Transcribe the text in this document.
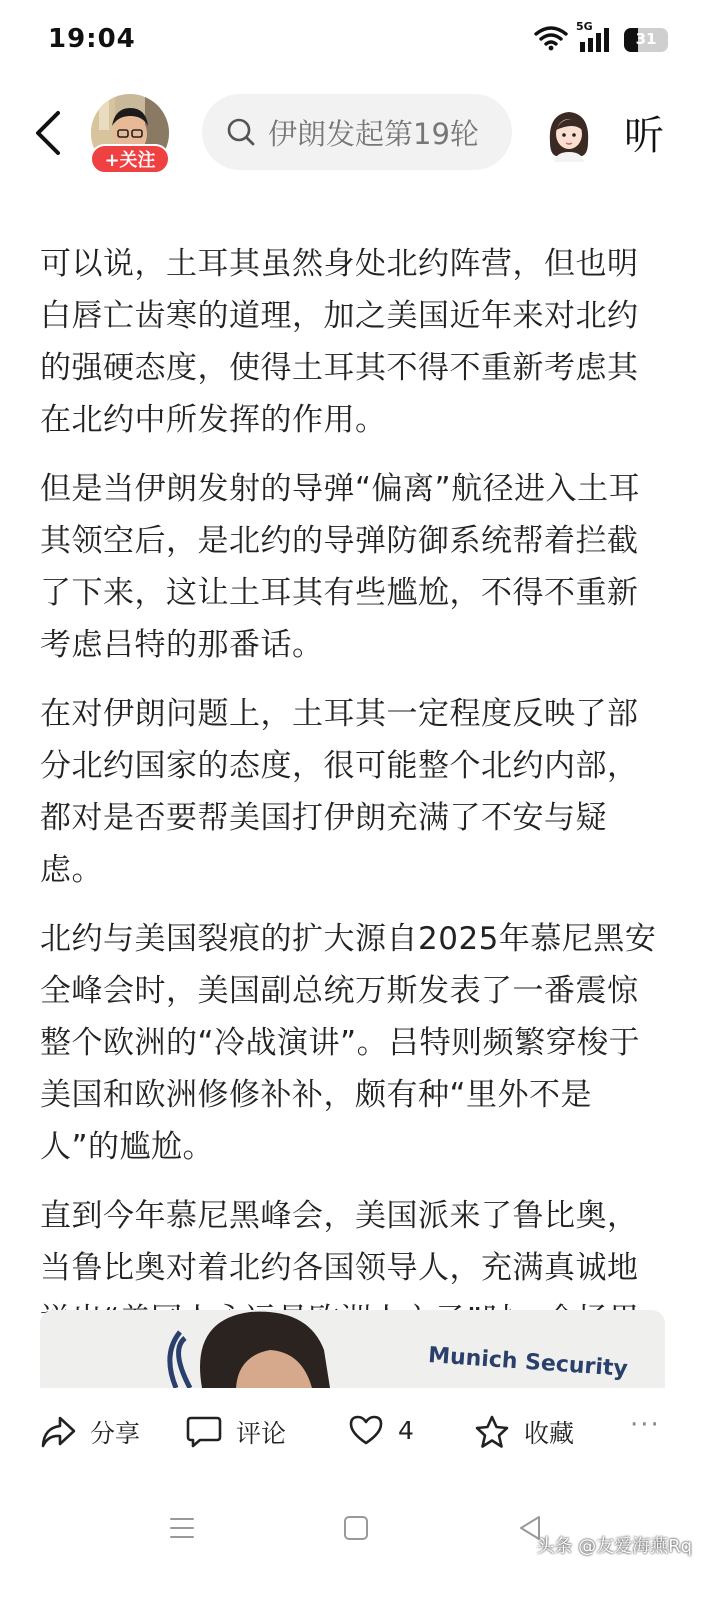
19:04	5G
31
+关注
伊朗发起第19轮	听

可以说，土耳其虽然身处北约阵营，但也明白唇亡齿寒的道理，加之美国近年来对北约的强硬态度，使得土耳其不得不重新考虑其在北约中所发挥的作用。

但是当伊朗发射的导弹“偏离”航径进入土耳其领空后，是北约的导弹防御系统帮着拦截了下来，这让土耳其有些尴尬，不得不重新考虑吕特的那番话。

在对伊朗问题上，土耳其一定程度反映了部分北约国家的态度，很可能整个北约内部，都对是否要帮美国打伊朗充满了不安与疑虑。

北约与美国裂痕的扩大源自2025年慕尼黑安全峰会时，美国副总统万斯发表了一番震惊整个欧洲的“冷战演讲”。吕特则频繁穿梭于美国和欧洲修修补补，颇有种“里外不是人”的尴尬。

直到今年慕尼黑峰会，美国派来了鲁比奥，当鲁比奥对着北约各国领导人，充满真诚地

Munich Security
分享	评论	4	收藏 ···
头条 @友爱海燕Rq
